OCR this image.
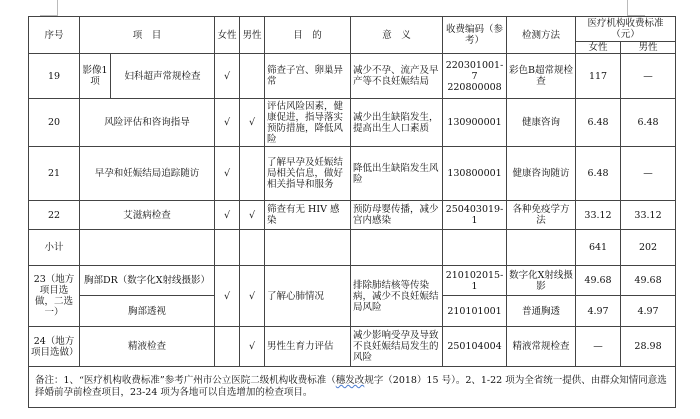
序号	项　目		女性	男性	目　的	意　义	收费编码（参考）	检测方法	医疗机构收费标准（元）	
									女性	男性
19	影像1项	妇科超声常规检查	√		筛查子宫、卵巢异常	减少不孕、流产及早产等不良妊娠结局	220301001-7 220800008	彩色B超常规检查	117	—
20	风险评估和咨询指导		√	√	评估风险因素，健康促进，指导落实预防措施，降低风险	减少出生缺陷发生，提高出生人口素质	130900001	健康咨询	6.48	6.48
21	早孕和妊娠结局追踪随访		√		了解早孕及妊娠结局相关信息，做好相关指导和服务	降低出生缺陷发生风险	130800001	健康咨询随访	6.48	—
22	艾滋病检查		√	√	筛查有无 HIV 感染	预防母婴传播，减少宫内感染	250403019-1	各种免疫学方法	33.12	33.12
小计									641	202
23（地方项目选做，二选一）	胸部DR（数字化X射线摄影）		√	√	了解心肺情况	排除肺结核等传染病，减少不良妊娠结局风险	210102015-1	数字化X射线摄影	49.68	49.68
	胸部透视						210101001	普通胸透	4.97	4.97
24（地方项目选做）	精液检查			√	男性生育力评估	减少影响受孕及导致不良妊娠结局发生的风险	250104004	精液常规检查	—	28.98
备注：1、“医疗机构收费标准”参考广州市公立医院二级机构收费标准（穗发改规字（2018）15 号）。2、1-22 项为全省统一提供、由群众知情同意选择婚前孕前检查项目，23-24 项为各地可以自选增加的检查项目。										
